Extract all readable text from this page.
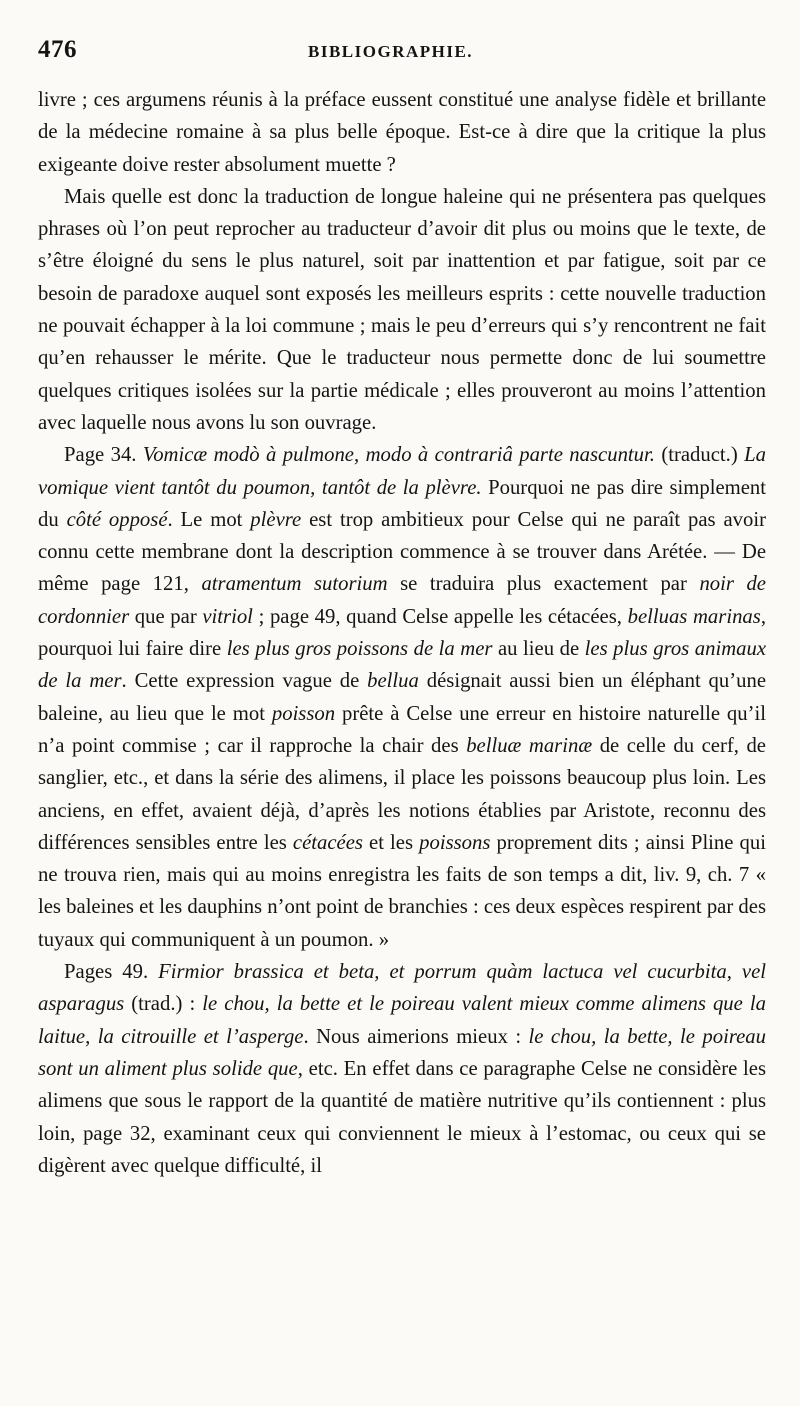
476	BIBLIOGRAPHIE.

livre ; ces argumens réunis à la préface eussent constitué une analyse fidèle et brillante de la médecine romaine à sa plus belle époque. Est-ce à dire que la critique la plus exigeante doive rester absolument muette ?

Mais quelle est donc la traduction de longue haleine qui ne présentera pas quelques phrases où l’on peut reprocher au traducteur d’avoir dit plus ou moins que le texte, de s’être éloigné du sens le plus naturel, soit par inattention et par fatigue, soit par ce besoin de paradoxe auquel sont exposés les meilleurs esprits : cette nouvelle traduction ne pouvait échapper à la loi commune ; mais le peu d’erreurs qui s’y rencontrent ne fait qu’en rehausser le mérite. Que le traducteur nous permette donc de lui soumettre quelques critiques isolées sur la partie médicale ; elles prouveront au moins l’attention avec laquelle nous avons lu son ouvrage.

Page 34. Vomicæ modò à pulmone, modo à contrariâ parte nascuntur. (traduct.) La vomique vient tantôt du poumon, tantôt de la plèvre. Pourquoi ne pas dire simplement du côté opposé. Le mot plèvre est trop ambitieux pour Celse qui ne paraît pas avoir connu cette membrane dont la description commence à se trouver dans Arétée. — De même page 121, atramentum sutorium se traduira plus exactement par noir de cordonnier que par vitriol ; page 49, quand Celse appelle les cétacées, belluas marinas, pourquoi lui faire dire les plus gros poissons de la mer au lieu de les plus gros animaux de la mer. Cette expression vague de bellua désignait aussi bien un éléphant qu’une baleine, au lieu que le mot poisson prête à Celse une erreur en histoire naturelle qu’il n’a point commise ; car il rapproche la chair des belluæ marinæ de celle du cerf, de sanglier, etc., et dans la série des alimens, il place les poissons beaucoup plus loin. Les anciens, en effet, avaient déjà, d’après les notions établies par Aristote, reconnu des différences sensibles entre les cétacées et les poissons proprement dits ; ainsi Pline qui ne trouva rien, mais qui au moins enregistra les faits de son temps a dit, liv. 9, ch. 7 « les baleines et les dauphins n’ont point de branchies : ces deux espèces respirent par des tuyaux qui communiquent à un poumon. »

Pages 49. Firmior brassica et beta, et porrum quàm lactuca vel cucurbita, vel asparagus (trad.) : le chou, la bette et le poireau valent mieux comme alimens que la laitue, la citrouille et l’asperge. Nous aimerions mieux : le chou, la bette, le poireau sont un aliment plus solide que, etc. En effet dans ce paragraphe Celse ne considère les alimens que sous le rapport de la quantité de matière nutritive qu’ils contiennent : plus loin, page 32, examinant ceux qui conviennent le mieux à l’estomac, ou ceux qui se digèrent avec quelque difficulté, il
